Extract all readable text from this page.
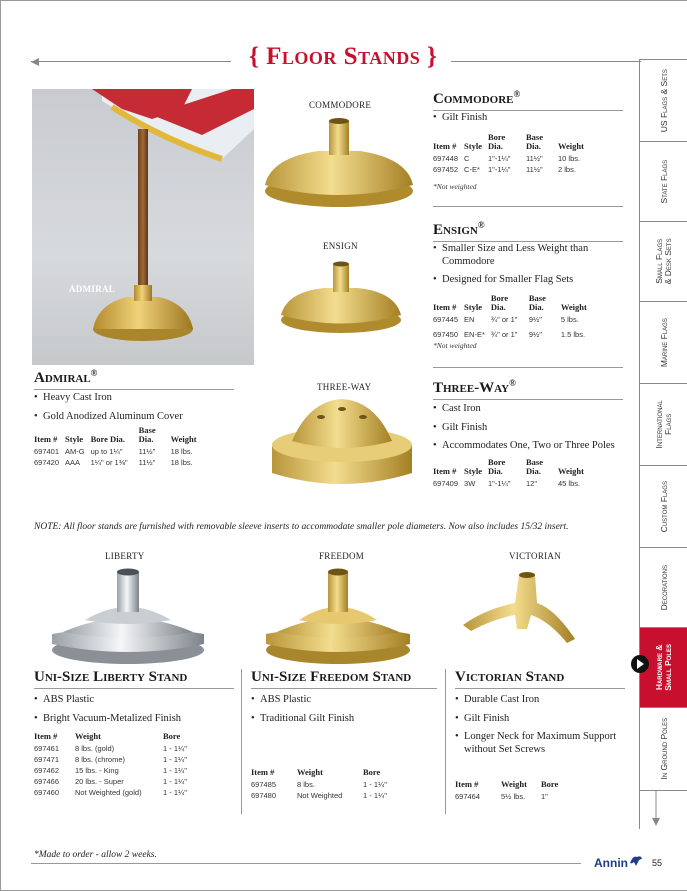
{ Floor Stands }
ADMIRAL
COMMODORE
ENSIGN
THREE-WAY
Commodore®
• Gilt Finish
Item #	Style	Bore Dia.	Base Dia.	Weight
697448	C	1"-1¼"	11½"	10 lbs.
697452	C-E*	1"-1¼"	11½"	2 lbs.
*Not weighted
Ensign®
• Smaller Size and Less Weight than Commodore
• Designed for Smaller Flag Sets
Item #	Style	Bore Dia.	Base Dia.	Weight
697445	EN	¾" or 1"	9½"	5 lbs.
697450	EN-E*	¾" or 1"	9½"	1.5 lbs.
*Not weighted
Three-Way®
• Cast Iron
• Gilt Finish
• Accommodates One, Two or Three Poles
Item #	Style	Bore Dia.	Base Dia.	Weight
697409	3W	1"-1¼"	12"	45 lbs.
Admiral®
• Heavy Cast Iron
• Gold Anodized Aluminum Cover
Item #	Style	Bore Dia.	Base Dia.	Weight
697401	AM-G	up to 1¼"	11½"	18 lbs.
697420	AAA	1¼" or 1⅜"	11½"	18 lbs.
NOTE: All floor stands are furnished with removable sleeve inserts to accommodate smaller pole diameters. Now also includes 15/32 insert.
LIBERTY	FREEDOM	VICTORIAN
Uni-Size Liberty Stand
• ABS Plastic
• Bright Vacuum-Metalized Finish
Item #	Weight	Bore
697461	8 lbs. (gold)	1 - 1¼"
697471	8 lbs. (chrome)	1 - 1¼"
697462	15 lbs. - King	1 - 1¼"
697466	20 lbs. - Super	1 - 1¼"
697460	Not Weighted (gold)	1 - 1¼"
Uni-Size Freedom Stand
• ABS Plastic
• Traditional Gilt Finish
Item #	Weight	Bore
697485	8 lbs.	1 - 1¼"
697480	Not Weighted	1 - 1¼"
Victorian Stand
• Durable Cast Iron
• Gilt Finish
• Longer Neck for Maximum Support without Set Screws
Item #	Weight	Bore
697464	5½ lbs.	1"
US Flags & Sets
State Flags
Small Flags & Desk Sets
Marine Flags
International Flags
Custom Flags
Decorations
Hardware & Small Poles
In Ground Poles
*Made to order - allow 2 weeks.
Annin	55
